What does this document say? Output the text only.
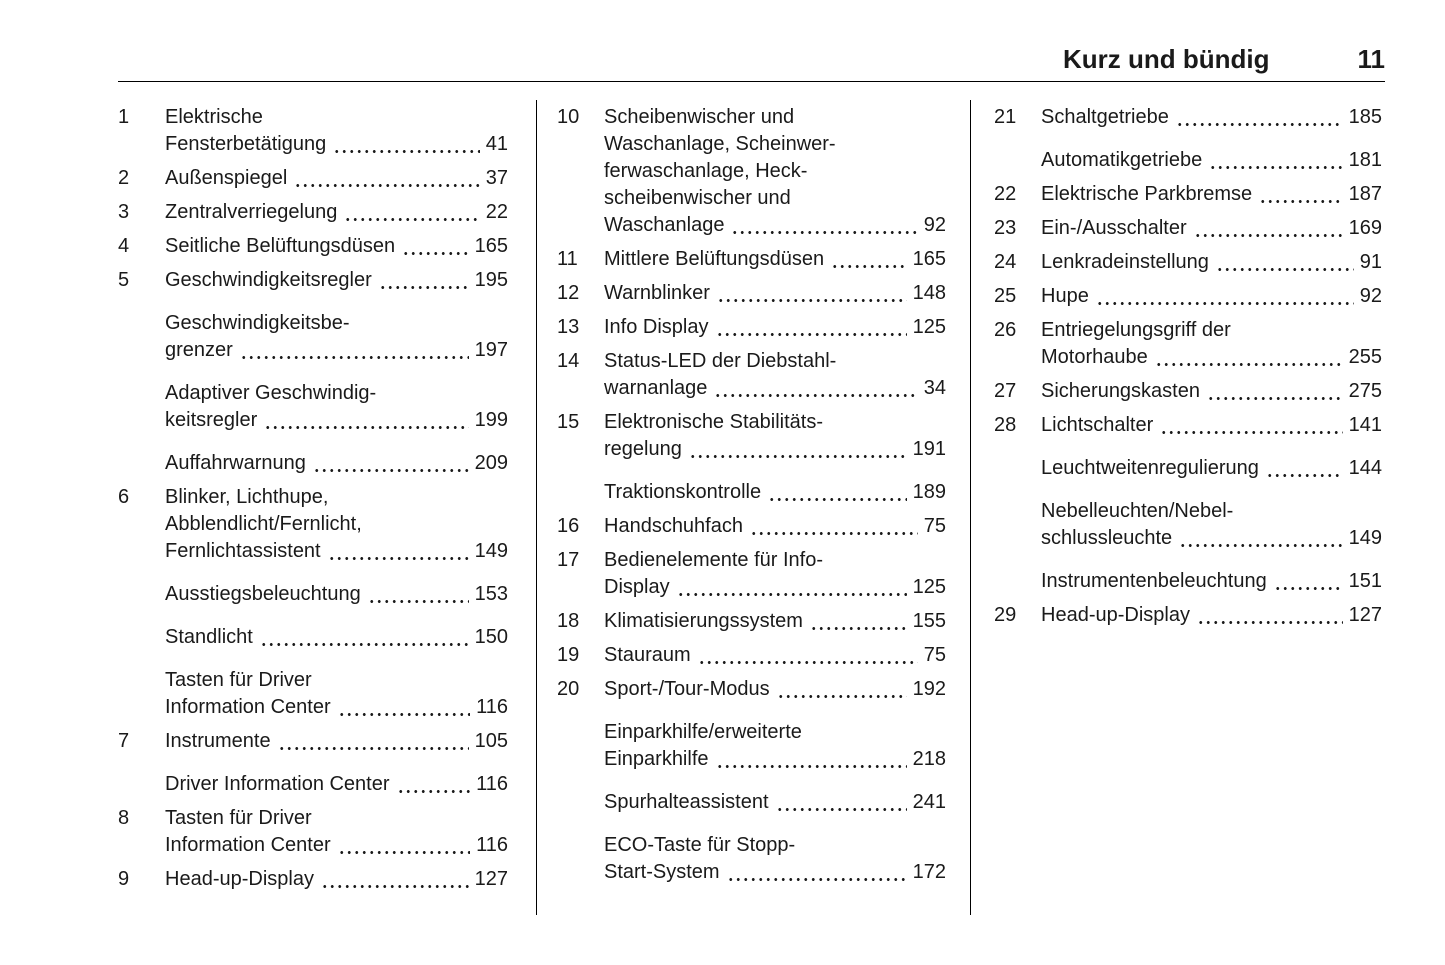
Kurz und bündig	11
1	Elektrische
Fensterbetätigung	41
2	Außenspiegel	37
3	Zentralverriegelung	22
4	Seitliche Belüftungsdüsen	165
5	Geschwindigkeitsregler	195
Geschwindigkeitsbe-
grenzer	197
Adaptiver Geschwindig-
keitsregler	199
Auffahrwarnung	209
6	Blinker, Lichthupe,
Abblendlicht/Fernlicht,
Fernlichtassistent	149
Ausstiegsbeleuchtung	153
Standlicht	150
Tasten für Driver
Information Center	116
7	Instrumente	105
Driver Information Center	116
8	Tasten für Driver
Information Center	116
9	Head-up-Display	127
10	Scheibenwischer und
Waschanlage, Scheinwer-
ferwaschanlage, Heck-
scheibenwischer und
Waschanlage	92
11	Mittlere Belüftungsdüsen	165
12	Warnblinker	148
13	Info Display	125
14	Status-LED der Diebstahl-
warnanlage	34
15	Elektronische Stabilitäts-
regelung	191
Traktionskontrolle	189
16	Handschuhfach	75
17	Bedienelemente für Info-
Display	125
18	Klimatisierungssystem	155
19	Stauraum	75
20	Sport-/Tour-Modus	192
Einparkhilfe/erweiterte
Einparkhilfe	218
Spurhalteassistent	241
ECO-Taste für Stopp-
Start-System	172
21	Schaltgetriebe	185
Automatikgetriebe	181
22	Elektrische Parkbremse	187
23	Ein-/Ausschalter	169
24	Lenkradeinstellung	91
25	Hupe	92
26	Entriegelungsgriff der
Motorhaube	255
27	Sicherungskasten	275
28	Lichtschalter	141
Leuchtweitenregulierung	144
Nebelleuchten/Nebel-
schlussleuchte	149
Instrumentenbeleuchtung	151
29	Head-up-Display	127
